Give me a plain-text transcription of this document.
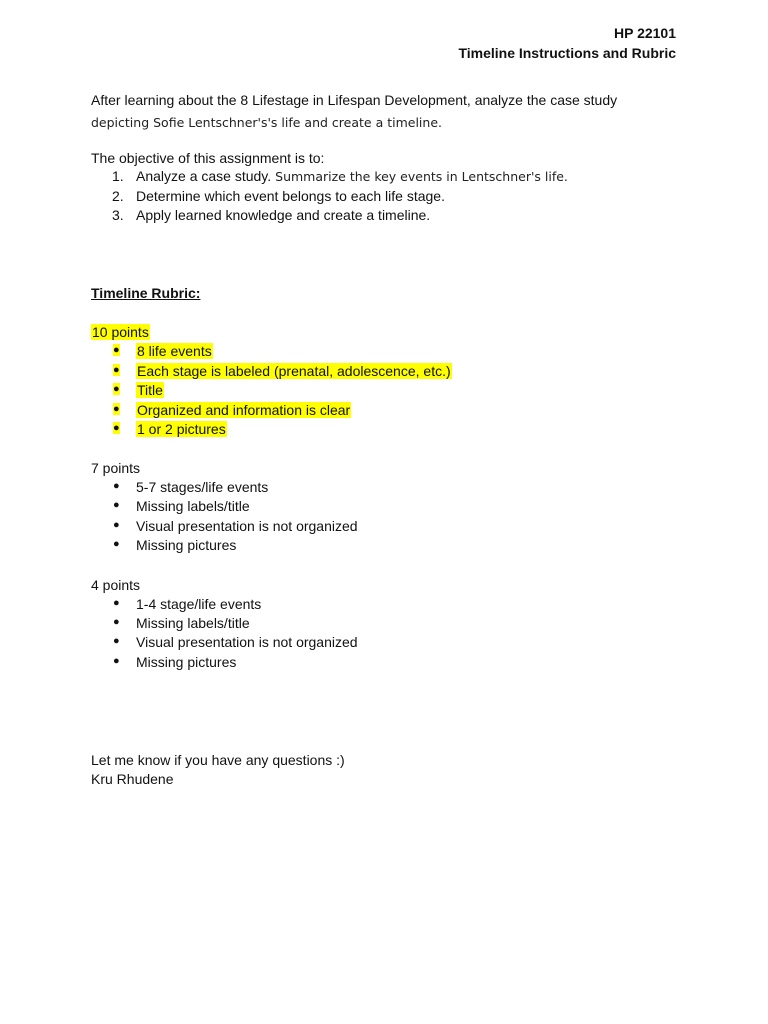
HP 22101
Timeline Instructions and Rubric
After learning about the 8 Lifestage in Lifespan Development, analyze the case study
depicting Sofie Lentschner's's life and create a timeline.
The objective of this assignment is to:
1. Analyze a case study. Summarize the key events in Lentschner's life.
2. Determine which event belongs to each life stage.
3. Apply learned knowledge and create a timeline.
Timeline Rubric:
10 points
● 8 life events
● Each stage is labeled (prenatal, adolescence, etc.)
● Title
● Organized and information is clear
● 1 or 2 pictures
7 points
● 5-7 stages/life events
● Missing labels/title
● Visual presentation is not organized
● Missing pictures
4 points
● 1-4 stage/life events
● Missing labels/title
● Visual presentation is not organized
● Missing pictures
Let me know if you have any questions :)
Kru Rhudene
